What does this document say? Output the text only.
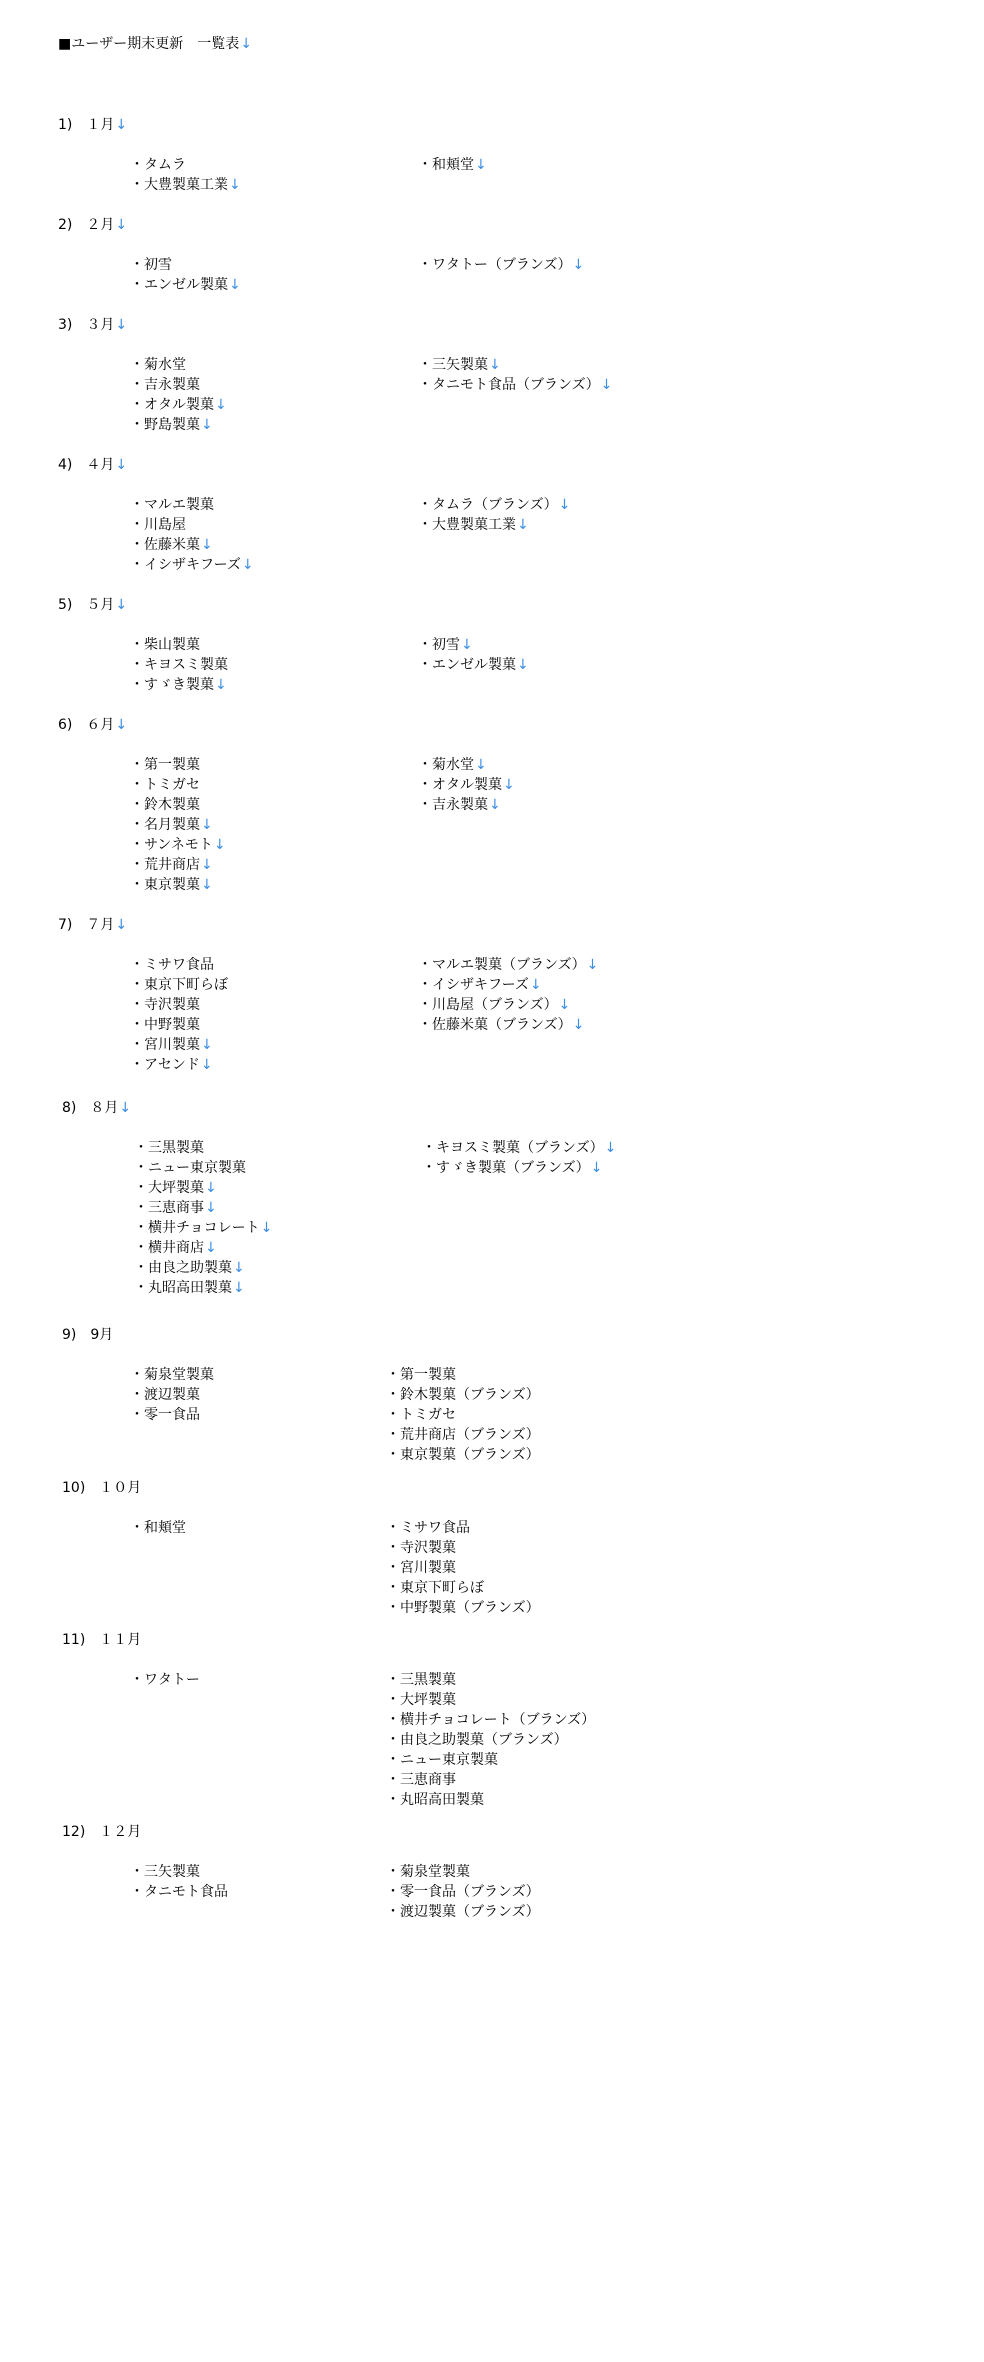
■ユーザー期末更新　一覧表↓
1)　１月↓
・タムラ
・大豊製菓工業↓
・和頬堂↓
2)　２月↓
・初雪
・エンゼル製菓↓
・ワタトー（ブランズ）↓
3)　３月↓
・菊水堂
・吉永製菓
・オタル製菓↓
・野島製菓↓
・三矢製菓↓
・タニモト食品（ブランズ）↓
4)　４月↓
・マルエ製菓
・川島屋
・佐藤米菓↓
・イシザキフーズ↓
・タムラ（ブランズ）↓
・大豊製菓工業↓
5)　５月↓
・柴山製菓
・キヨスミ製菓
・すゞき製菓↓
・初雪↓
・エンゼル製菓↓
6)　６月↓
・第一製菓
・トミガセ
・鈴木製菓
・名月製菓↓
・サンネモト↓
・荒井商店↓
・東京製菓↓
・菊水堂↓
・オタル製菓↓
・吉永製菓↓
7)　７月↓
・ミサワ食品
・東京下町らぼ
・寺沢製菓
・中野製菓
・宮川製菓↓
・アセンド↓
・マルエ製菓（ブランズ）↓
・イシザキフーズ↓
・川島屋（ブランズ）↓
・佐藤米菓（ブランズ）↓
8)　８月↓
・三黒製菓
・ニュー東京製菓
・大坪製菓↓
・三恵商事↓
・横井チョコレート↓
・横井商店↓
・由良之助製菓↓
・丸昭高田製菓↓
・キヨスミ製菓（ブランズ）↓
・すゞき製菓（ブランズ）↓
9)　9月
・菊泉堂製菓
・渡辺製菓
・零一食品
・第一製菓
・鈴木製菓（ブランズ）
・トミガセ
・荒井商店（ブランズ）
・東京製菓（ブランズ）
10)　１０月
・和頬堂	・ミサワ食品
・寺沢製菓
・宮川製菓
・東京下町らぼ
・中野製菓（ブランズ）
11)　１１月
・ワタトー	・三黒製菓
・大坪製菓
・横井チョコレート（ブランズ）
・由良之助製菓（ブランズ）
・ニュー東京製菓
・三恵商事
・丸昭高田製菓
12)　１２月
・三矢製菓
・タニモト食品
・菊泉堂製菓
・零一食品（ブランズ）
・渡辺製菓（ブランズ）
